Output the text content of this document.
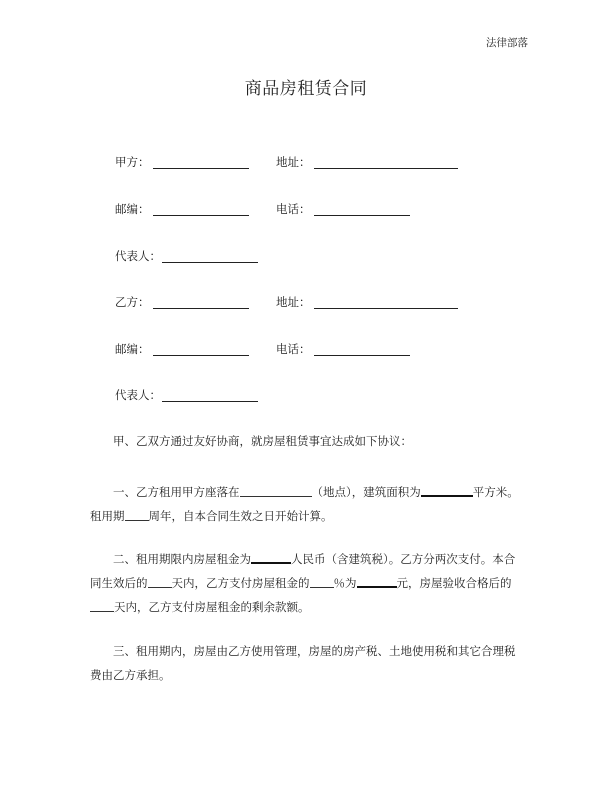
法律部落
商品房租赁合同
甲方：	地址：
邮编：	电话：
代表人：
乙方：	地址：
邮编：	电话：
代表人：
甲、乙双方通过友好协商，就房屋租赁事宜达成如下协议：
一、乙方租用甲方座落在	（地点），建筑面积为	平方米。租用期 周年，自本合同生效之日开始计算。
二、租用期限内房屋租金为	人民币（含建筑税）。乙方分两次支付。本合同生效后的 天内，乙方支付房屋租金的 ％为	元，房屋验收合格后的天内，乙方支付房屋租金的剩余款额。
三、租用期内，房屋由乙方使用管理，房屋的房产税、土地使用税和其它合理税费由乙方承担。
